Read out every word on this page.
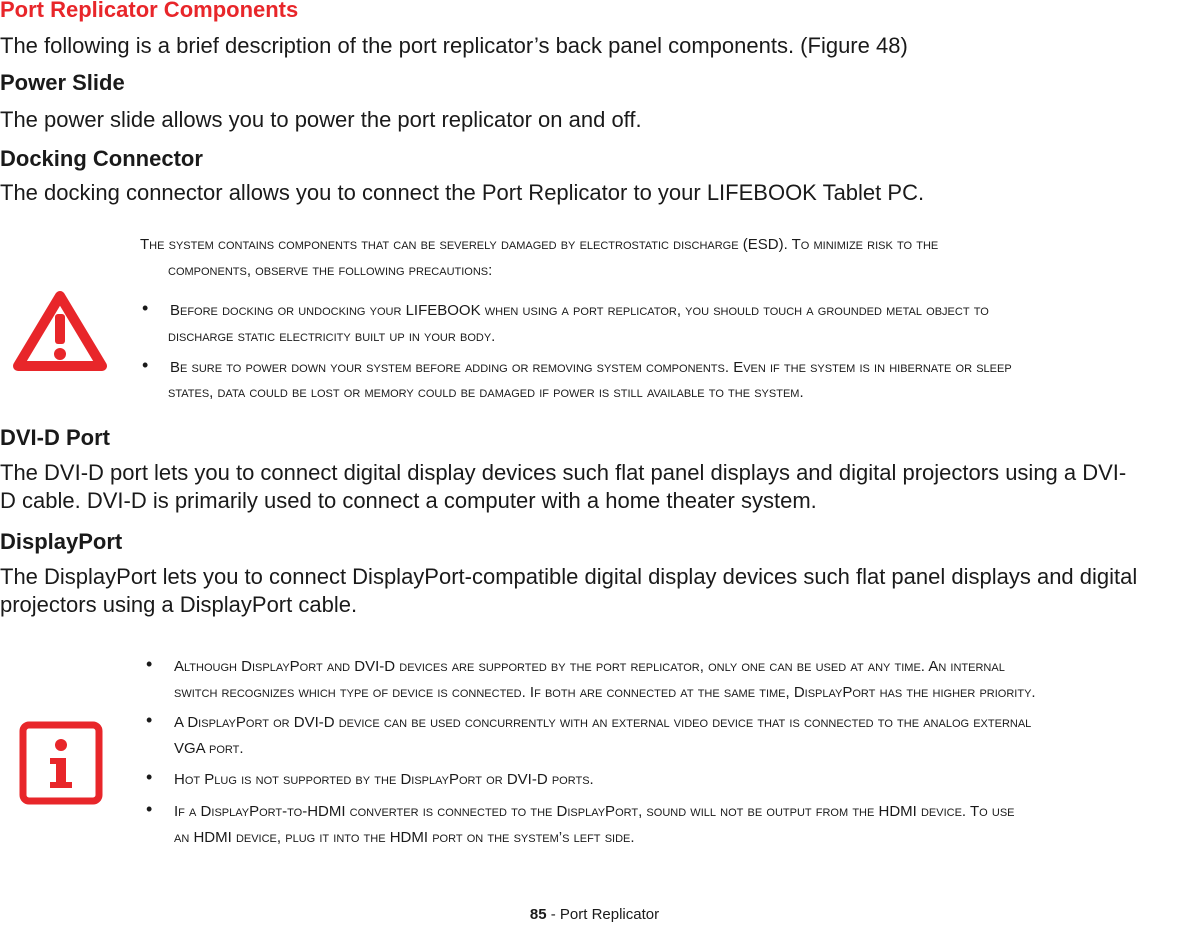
Port Replicator Components

The following is a brief description of the port replicator’s back panel components. (Figure 48)

Power Slide

The power slide allows you to power the port replicator on and off.

Docking Connector

The docking connector allows you to connect the Port Replicator to your LIFEBOOK Tablet PC.

The system contains components that can be severely damaged by electrostatic discharge (ESD). To minimize risk to the
components, observe the following precautions:
• Before docking or undocking your LIFEBOOK when using a port replicator, you should touch a grounded metal object to
discharge static electricity built up in your body.
• Be sure to power down your system before adding or removing system components. Even if the system is in hibernate or sleep
states, data could be lost or memory could be damaged if power is still available to the system.
DVI-D Port

The DVI-D port lets you to connect digital display devices such flat panel displays and digital projectors using a DVI-

D cable. DVI-D is primarily used to connect a computer with a home theater system.

DisplayPort

The DisplayPort lets you to connect DisplayPort-compatible digital display devices such flat panel displays and digital

projectors using a DisplayPort cable.

• Although DisplayPort and DVI-D devices are supported by the port replicator, only one can be used at any time. An internal
switch recognizes which type of device is connected. If both are connected at the same time, DisplayPort has the higher priority.
• A DisplayPort or DVI-D device can be used concurrently with an external video device that is connected to the analog external
VGA port.
• Hot Plug is not supported by the DisplayPort or DVI-D ports.
• If a DisplayPort-to-HDMI converter is connected to the DisplayPort, sound will not be output from the HDMI device. To use
an HDMI device, plug it into the HDMI port on the system’s left side.
85 - Port Replicator
